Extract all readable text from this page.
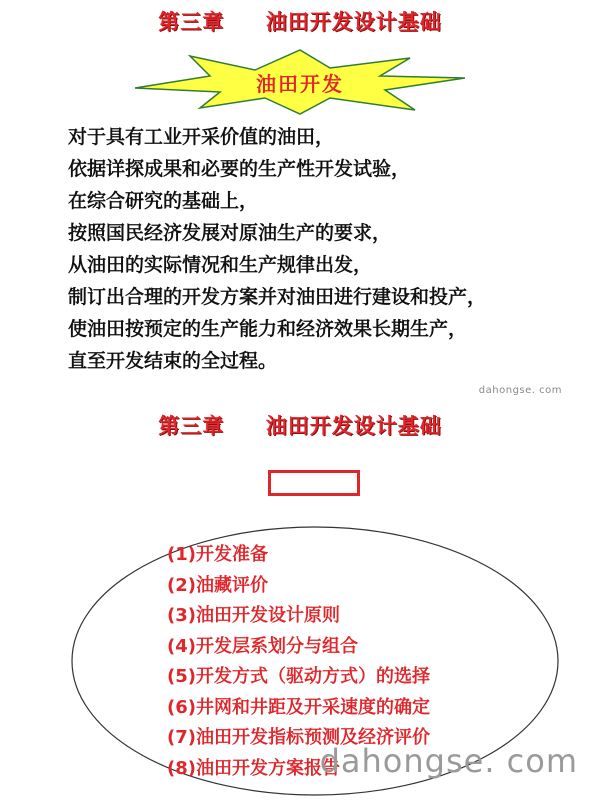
第三章     油田开发设计基础
油田开发
对于具有工业开采价值的油田，
依据详探成果和必要的生产性开发试验，
在综合研究的基础上，
按照国民经济发展对原油生产的要求，
从油田的实际情况和生产规律出发，
制订出合理的开发方案并对油田进行建设和投产，
使油田按预定的生产能力和经济效果长期生产，
直至开发结束的全过程。
dahongse. com
第三章     油田开发设计基础
(1)开发准备
(2)油藏评价
(3)油田开发设计原则
(4)开发层系划分与组合
(5)开发方式（驱动方式）的选择
(6)井网和井距及开采速度的确定
(7)油田开发指标预测及经济评价
(8)油田开发方案报告
dahongse. com
